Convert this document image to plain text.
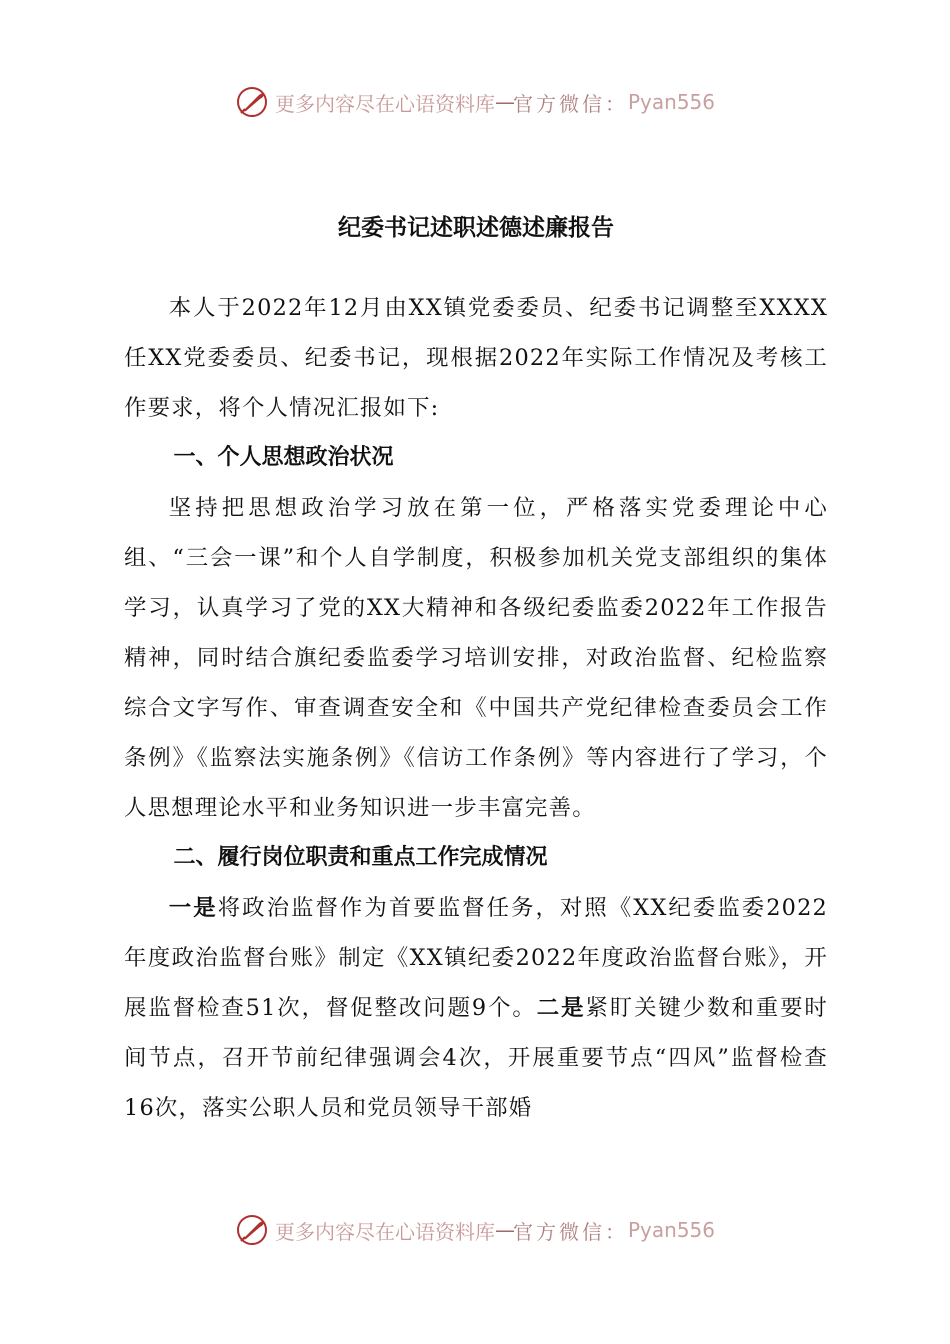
更多内容尽在心语资料库 — 官方微信： Pyan556
纪委书记述职述德述廉报告

本人于2022年12月由XX镇党委委员、纪委书记调整至XXXX任XX党委委员、纪委书记，现根据2022年实际工作情况及考核工作要求，将个人情况汇报如下:

一、个人思想政治状况

坚持把思想政治学习放在第一位，严格落实党委理论中心组、“三会一课”和个人自学制度，积极参加机关党支部组织的集体学习，认真学习了党的XX大精神和各级纪委监委2022年工作报告精神，同时结合旗纪委监委学习培训安排，对政治监督、纪检监察综合文字写作、审查调查安全和《中国共产党纪律检查委员会工作条例》《监察法实施条例》《信访工作条例》等内容进行了学习，个人思想理论水平和业务知识进一步丰富完善。

二、履行岗位职责和重点工作完成情况

一是将政治监督作为首要监督任务，对照《XX纪委监委2022年度政治监督台账》制定《XX镇纪委2022年度政治监督台账》，开展监督检查51次，督促整改问题9个。二是紧盯关键少数和重要时间节点，召开节前纪律强调会4次，开展重要节点“四风”监督检查16次，落实公职人员和党员领导干部婚

更多内容尽在心语资料库 — 官方微信： Pyan556
